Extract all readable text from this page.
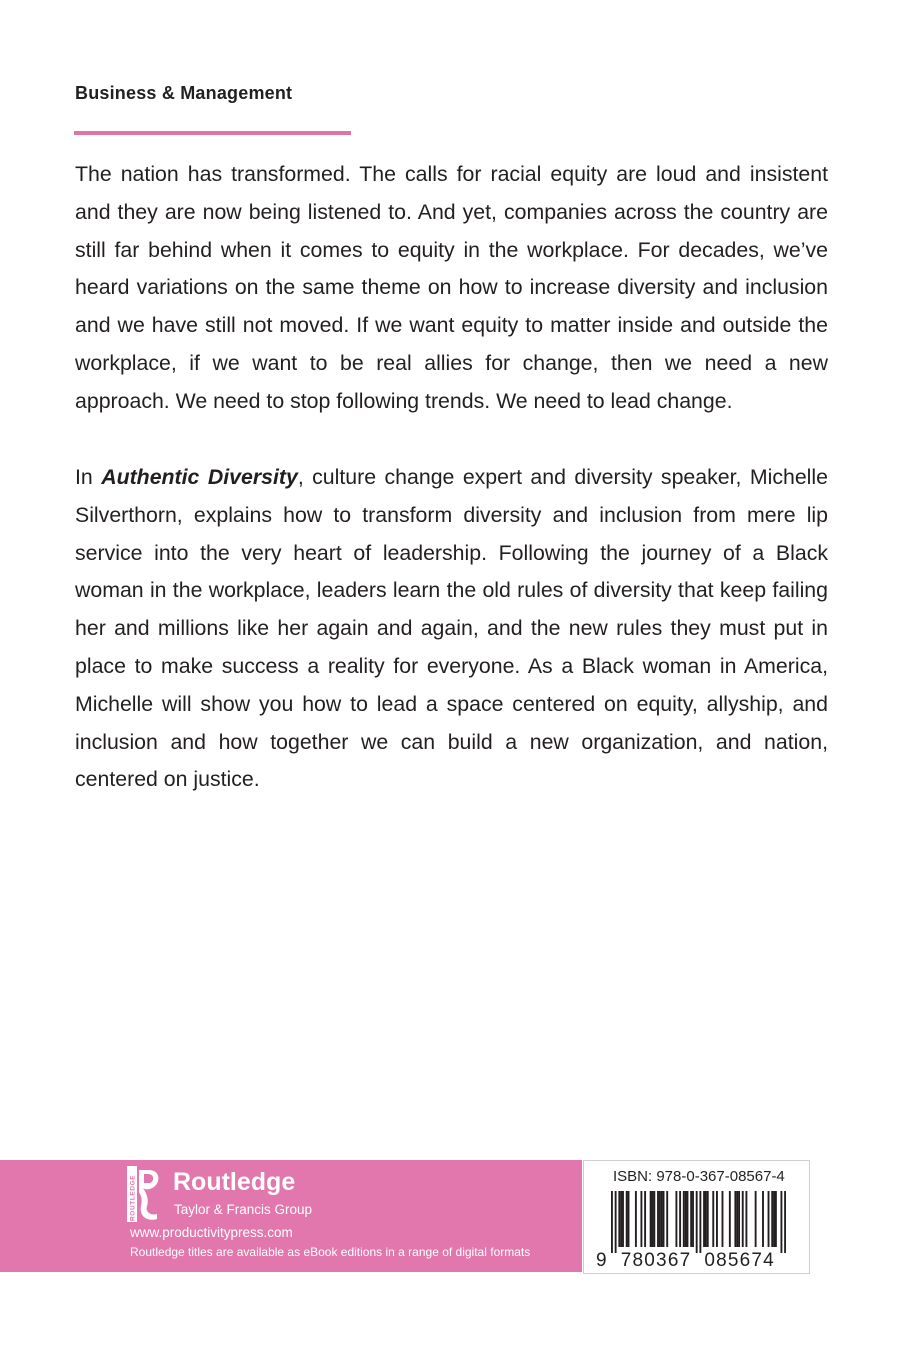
Business & Management

The nation has transformed. The calls for racial equity are loud and insistent and they are now being listened to. And yet, companies across the country are still far behind when it comes to equity in the workplace. For decades, we’ve heard variations on the same theme on how to increase diversity and inclusion and we have still not moved. If we want equity to matter inside and outside the workplace, if we want to be real allies for change, then we need a new approach. We need to stop following trends. We need to lead change.

In Authentic Diversity, culture change expert and diversity speaker, Michelle Silverthorn, explains how to transform diversity and inclusion from mere lip service into the very heart of leadership. Following the journey of a Black woman in the workplace, leaders learn the old rules of diversity that keep failing her and millions like her again and again, and the new rules they must put in place to make success a reality for everyone. As a Black woman in America, Michelle will show you how to lead a space centered on equity, allyship, and inclusion and how together we can build a new organization, and nation, centered on justice.

ROUTLEDGE Routledge
Taylor & Francis Group
www.productivitypress.com
Routledge titles are available as eBook editions in a range of digital formats
ISBN: 978-0-367-08567-4
9 780367 085674
